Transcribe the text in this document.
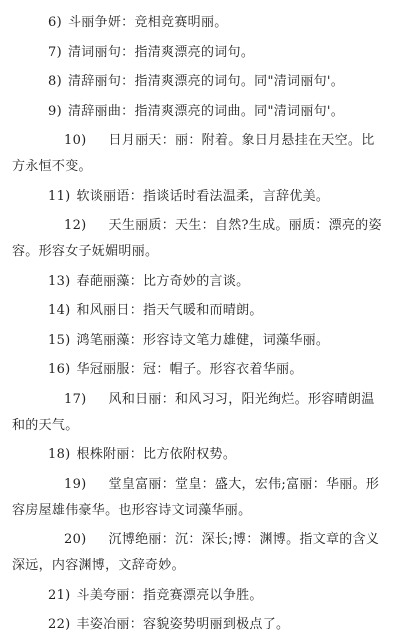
6) 斗丽争妍：竞相竞赛明丽。
7) 清词丽句：指清爽漂亮的词句。
8) 清辞丽句：指清爽漂亮的词句。同"清词丽句'。
9) 清辞丽曲：指清爽漂亮的词曲。同"清词丽句'。
10) 日月丽天：丽：附着。象日月悬挂在天空。比方永恒不变。
11) 软谈丽语：指谈话时看法温柔，言辞优美。
12) 天生丽质：天生：自然?生成。丽质：漂亮的姿容。形容女子妩媚明丽。
13) 春葩丽藻：比方奇妙的言谈。
14) 和风丽日：指天气暖和而晴朗。
15) 鸿笔丽藻：形容诗文笔力雄健，词藻华丽。
16) 华冠丽服：冠：帽子。形容衣着华丽。
17) 风和日丽：和风习习，阳光绚烂。形容晴朗温和的天气。
18) 根株附丽：比方依附权势。
19) 堂皇富丽：堂皇：盛大，宏伟;富丽：华丽。形容房屋雄伟豪华。也形容诗文词藻华丽。
20) 沉博绝丽：沉：深长;博：渊博。指文章的含义深远，内容渊博，文辞奇妙。
21) 斗美夸丽：指竞赛漂亮以争胜。
22) 丰姿冶丽：容貌姿势明丽到极点了。
